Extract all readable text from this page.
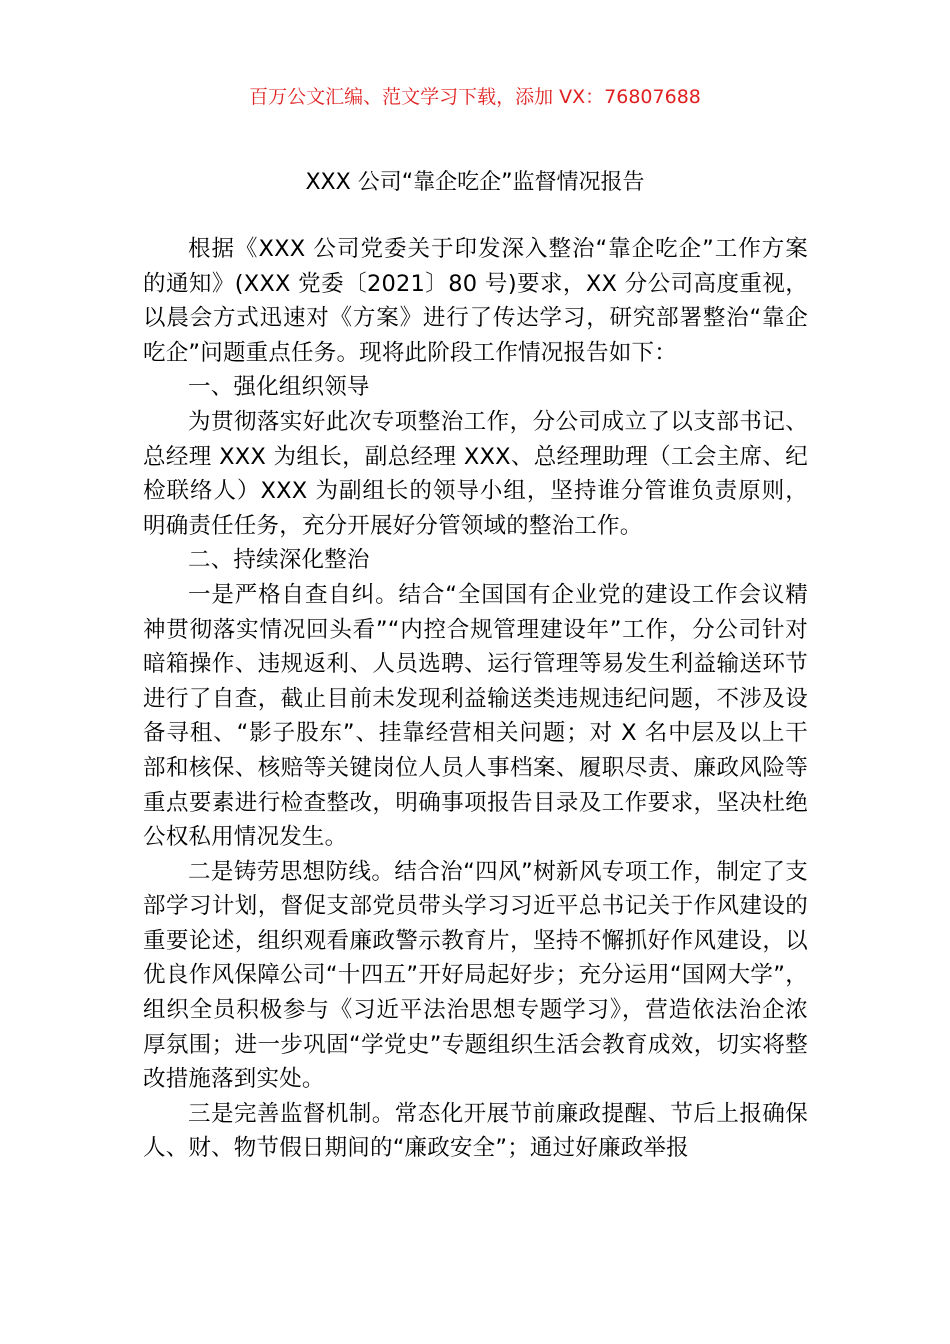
百万公文汇编、范文学习下载，添加 VX：76807688
XXX 公司“靠企吃企”监督情况报告

根据《XXX 公司党委关于印发深入整治“靠企吃企”工作方案的通知》(XXX 党委〔2021〕80 号)要求，XX 分公司高度重视，以晨会方式迅速对《方案》进行了传达学习，研究部署整治“靠企吃企”问题重点任务。现将此阶段工作情况报告如下：

一、强化组织领导

为贯彻落实好此次专项整治工作，分公司成立了以支部书记、总经理 XXX 为组长，副总经理 XXX、总经理助理（工会主席、纪检联络人）XXX 为副组长的领导小组，坚持谁分管谁负责原则，明确责任任务，充分开展好分管领域的整治工作。

二、持续深化整治

一是严格自查自纠。结合“全国国有企业党的建设工作会议精神贯彻落实情况回头看”“内控合规管理建设年”工作，分公司针对暗箱操作、违规返利、人员选聘、运行管理等易发生利益输送环节进行了自查，截止目前未发现利益输送类违规违纪问题，不涉及设备寻租、“影子股东”、挂靠经营相关问题；对 X 名中层及以上干部和核保、核赔等关键岗位人员人事档案、履职尽责、廉政风险等重点要素进行检查整改，明确事项报告目录及工作要求，坚决杜绝公权私用情况发生。

二是铸劳思想防线。结合治“四风”树新风专项工作，制定了支部学习计划，督促支部党员带头学习习近平总书记关于作风建设的重要论述，组织观看廉政警示教育片，坚持不懈抓好作风建设，以优良作风保障公司“十四五”开好局起好步；充分运用“国网大学”，组织全员积极参与《习近平法治思想专题学习》，营造依法治企浓厚氛围；进一步巩固“学党史”专题组织生活会教育成效，切实将整改措施落到实处。

三是完善监督机制。常态化开展节前廉政提醒、节后上报确保人、财、物节假日期间的“廉政安全”；通过好廉政举报
